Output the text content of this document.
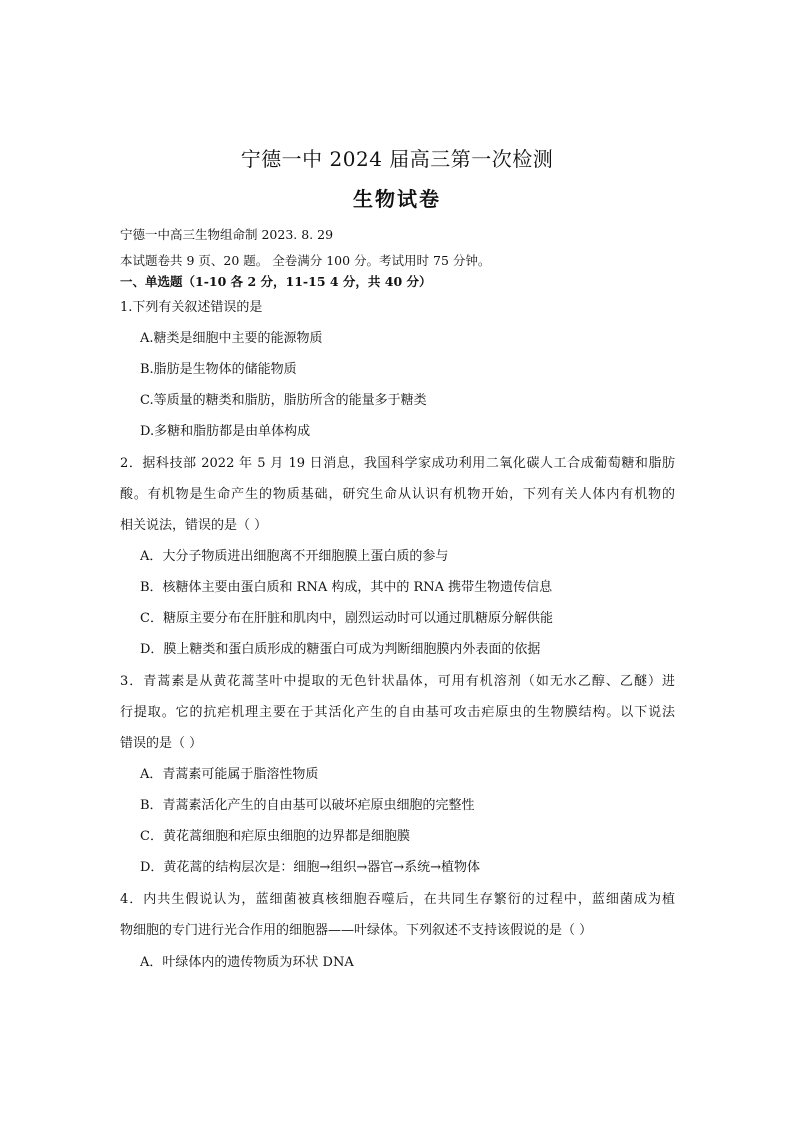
宁德一中 2024 届高三第一次检测
生物试卷
宁德一中高三生物组命制 2023. 8. 29
本试题卷共 9 页、20 题。 全卷满分 100 分。考试用时 75 分钟。
一、单选题（1-10 各 2 分，11-15 4 分，共 40 分）
1.下列有关叙述错误的是
A.糖类是细胞中主要的能源物质
B.脂肪是生物体的储能物质
C.等质量的糖类和脂肪，脂肪所含的能量多于糖类
D.多糖和脂肪都是由单体构成
2．据科技部 2022 年 5 月 19 日消息，我国科学家成功利用二氧化碳人工合成葡萄糖和脂肪
酸。有机物是生命产生的物质基础，研究生命从认识有机物开始，下列有关人体内有机物的
相关说法，错误的是（ ）
A．大分子物质进出细胞离不开细胞膜上蛋白质的参与
B．核糖体主要由蛋白质和 RNA 构成，其中的 RNA 携带生物遗传信息
C．糖原主要分布在肝脏和肌肉中，剧烈运动时可以通过肌糖原分解供能
D．膜上糖类和蛋白质形成的糖蛋白可成为判断细胞膜内外表面的依据
3．青蒿素是从黄花蒿茎叶中提取的无色针状晶体，可用有机溶剂（如无水乙醇、乙醚）进
行提取。它的抗疟机理主要在于其活化产生的自由基可攻击疟原虫的生物膜结构。以下说法
错误的是（ ）
A．青蒿素可能属于脂溶性物质
B．青蒿素活化产生的自由基可以破坏疟原虫细胞的完整性
C．黄花蒿细胞和疟原虫细胞的边界都是细胞膜
D．黄花蒿的结构层次是：细胞→组织→器官→系统→植物体
4．内共生假说认为，蓝细菌被真核细胞吞噬后，在共同生存繁衍的过程中，蓝细菌成为植
物细胞的专门进行光合作用的细胞器——叶绿体。下列叙述不支持该假说的是（ ）
A．叶绿体内的遗传物质为环状 DNA
